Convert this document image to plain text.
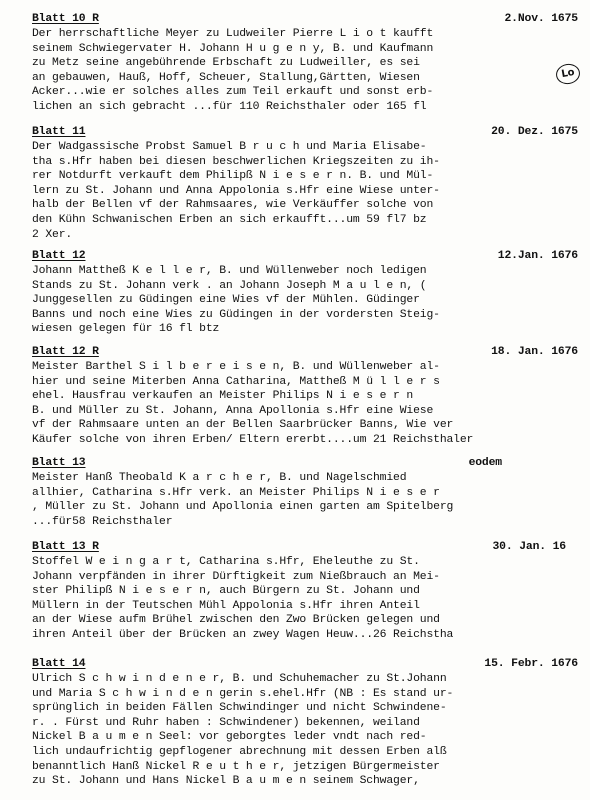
Blatt 10 R	2.Nov. 1675
Der herrschaftliche Meyer zu Ludweiler Pierre L i o t kaufft
seinem Schwiegervater H. Johann H u g e n y, B. und Kaufmann
zu Metz seine angebührende Erbschaft zu Ludweiller, es sei
an gebauwen, Hauß, Hoff, Scheuer, Stallung,Gärtten, Wiesen
Acker...wie er solches alles zum Teil erkauft und sonst erb-
lichen an sich gebracht ...für 110 Reichsthaler oder 165 fl
Blatt 11	20. Dez. 1675
Der Wadgassische Probst Samuel B r u c h und Maria Elisabe-
tha s.Hfr haben bei diesen beschwerlichen Kriegszeiten zu ih-
rer Notdurft verkauft dem Philipß N i e s e r n. B. und Mül-
lern zu St. Johann und Anna Appolonia s.Hfr eine Wiese unter-
halb der Bellen vf der Rahmsaares, wie Verkäuffer solche von
den Kühn Schwanischen Erben an sich erkaufft...um 59 fl7 bz
2 Xer.
Blatt 12	12.Jan. 1676
Johann Mattheß K e l l e r, B. und Wüllenweber noch ledigen
Stands zu St. Johann verk . an Johann Joseph M a u l e n, (
Junggesellen zu Güdingen eine Wies vf der Mühlen. Güdinger
Banns und noch eine Wies zu Güdingen in der vordersten Steig-
wiesen gelegen für 16 fl btz
Blatt 12 R	18. Jan. 1676
Meister Barthel S i l b e r e i s e n, B. und Wüllenweber al-
hier und seine Miterben Anna Catharina, Mattheß M ü l l e r s
ehel. Hausfrau verkaufen an Meister Philips N i e s e r n
B. und Müller zu St. Johann, Anna Apollonia s.Hfr eine Wiese
vf der Rahmsaare unten an der Bellen Saarbrücker Banns, Wie ver
Käufer solche von ihren Erben/ Eltern ererbt....um 21 Reichsthaler
Blatt 13	eodem
Meister Hanß Theobald K a r c h e r, B. und Nagelschmied
allhier, Catharina s.Hfr verk. an Meister Philips N i e s e r
, Müller zu St. Johann und Apollonia einen garten am Spitelberg
...für58 Reichsthaler
Blatt 13 R	30. Jan. 16
Stoffel W e i n g a r t, Catharina s.Hfr, Eheleuthe zu St.
Johann verpfänden in ihrer Dürftigkeit zum Nießbrauch an Mei-
ster Philipß N i e s e r n, auch Bürgern zu St. Johann und
Müllern in der Teutschen Mühl Appolonia s.Hfr ihren Anteil
an der Wiese aufm Brühel zwischen den Zwo Brücken gelegen und
ihren Anteil über der Brücken an zwey Wagen Heuw...26 Reichstha
Blatt 14	15. Febr. 1676
Ulrich S c h w i n d e n e r, B. und Schuhemacher zu St.Johann
und Maria S c h w i n d e n gerin s.ehel.Hfr (NB : Es stand ur-
sprünglich in beiden Fällen Schwindinger und nicht Schwindene-
r. . Fürst und Ruhr haben : Schwindener) bekennen, weiland
Nickel B a u m e n Seel: vor geborgtes leder vndt nach red-
lich undaufrichtig gepflogener abrechnung mit dessen Erben alß
benanntlich Hanß Nickel R e u t h e r, jetzigen Bürgermeister
zu St. Johann und Hans Nickel B a u m e n seinem Schwager,
Lo
